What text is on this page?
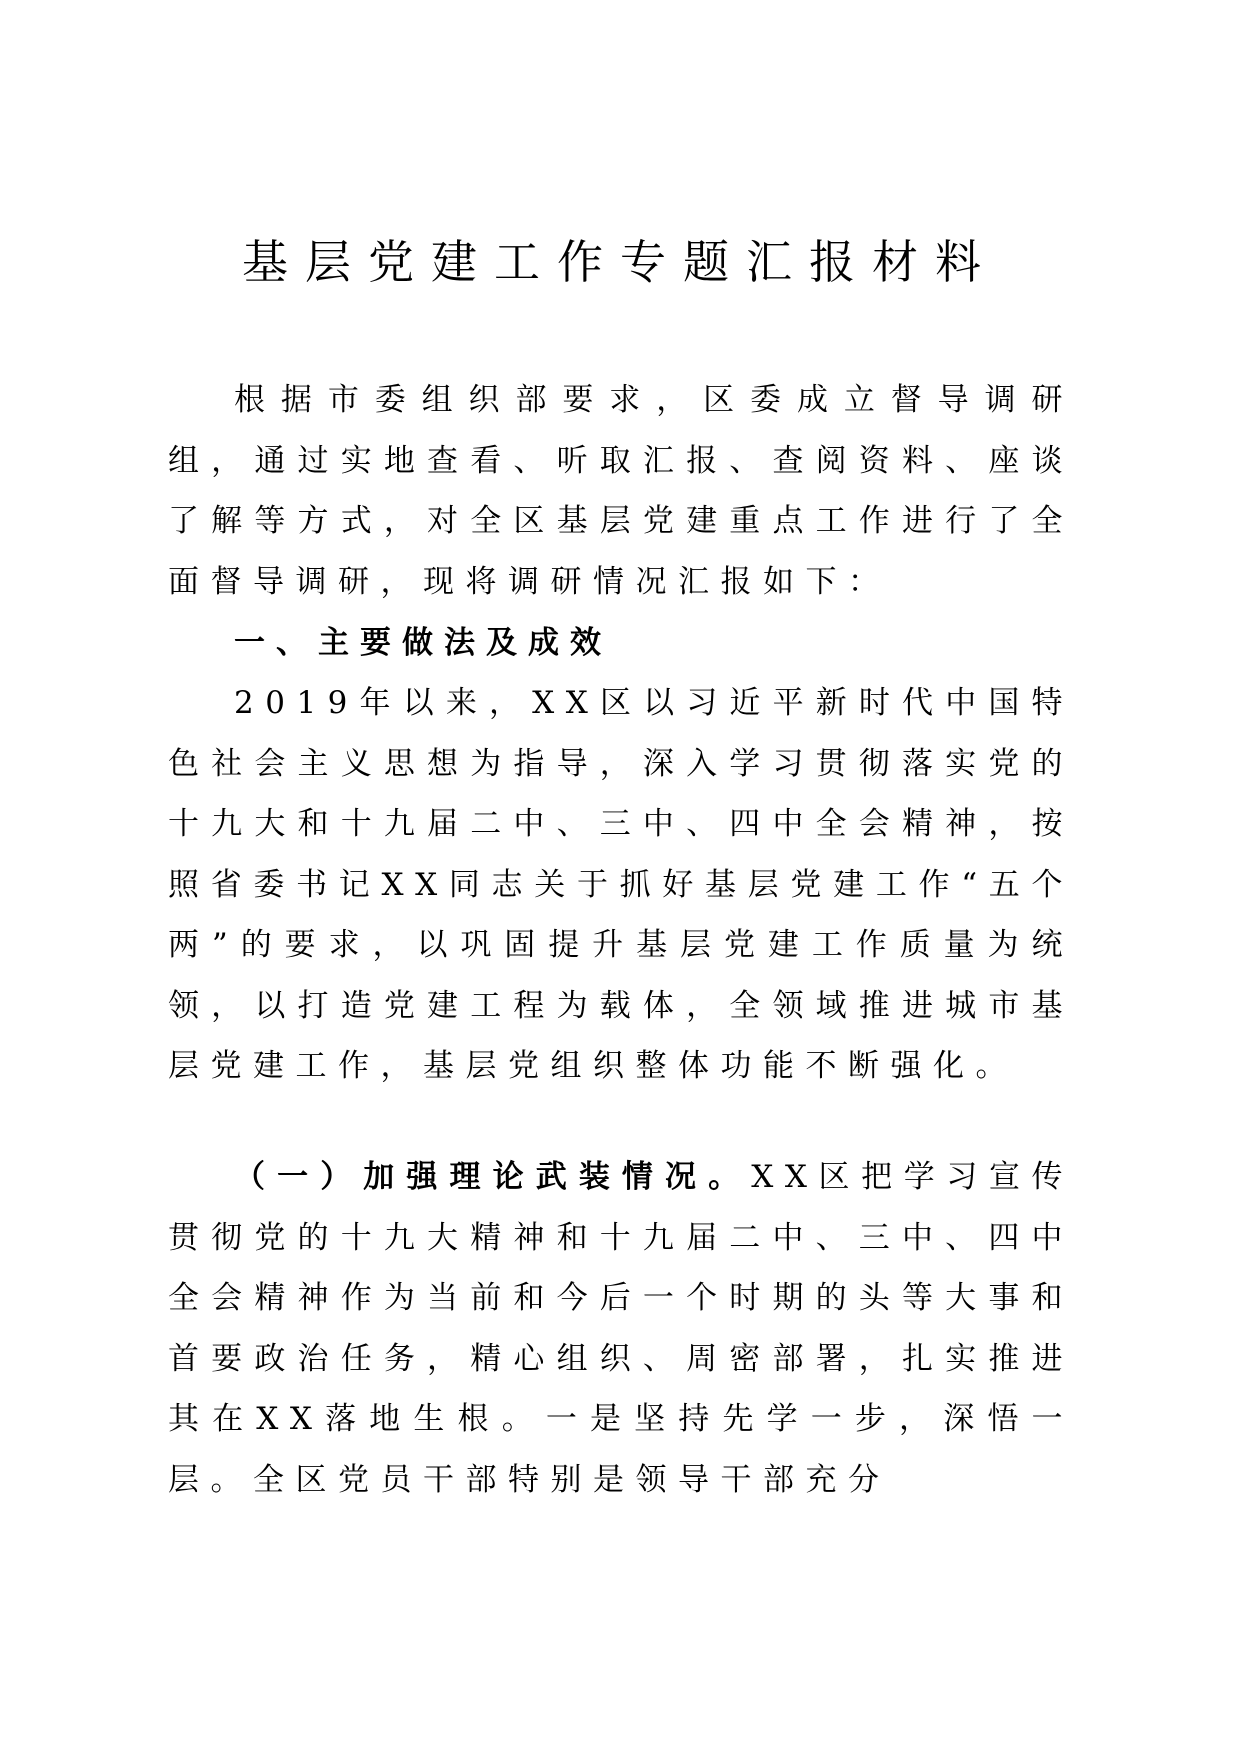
基层党建工作专题汇报材料

根据市委组织部要求，区委成立督导调研组，通过实地查看、听取汇报、查阅资料、座谈了解等方式，对全区基层党建重点工作进行了全面督导调研，现将调研情况汇报如下：

一、主要做法及成效

2019年以来，XX区以习近平新时代中国特色社会主义思想为指导，深入学习贯彻落实党的十九大和十九届二中、三中、四中全会精神，按照省委书记XX同志关于抓好基层党建工作“五个两”的要求，以巩固提升基层党建工作质量为统领，以打造党建工程为载体，全领域推进城市基层党建工作，基层党组织整体功能不断强化。

（一）加强理论武装情况。XX区把学习宣传贯彻党的十九大精神和十九届二中、三中、四中全会精神作为当前和今后一个时期的头等大事和首要政治任务，精心组织、周密部署，扎实推进其在XX落地生根。一是坚持先学一步，深悟一层。全区党员干部特别是领导干部充分
